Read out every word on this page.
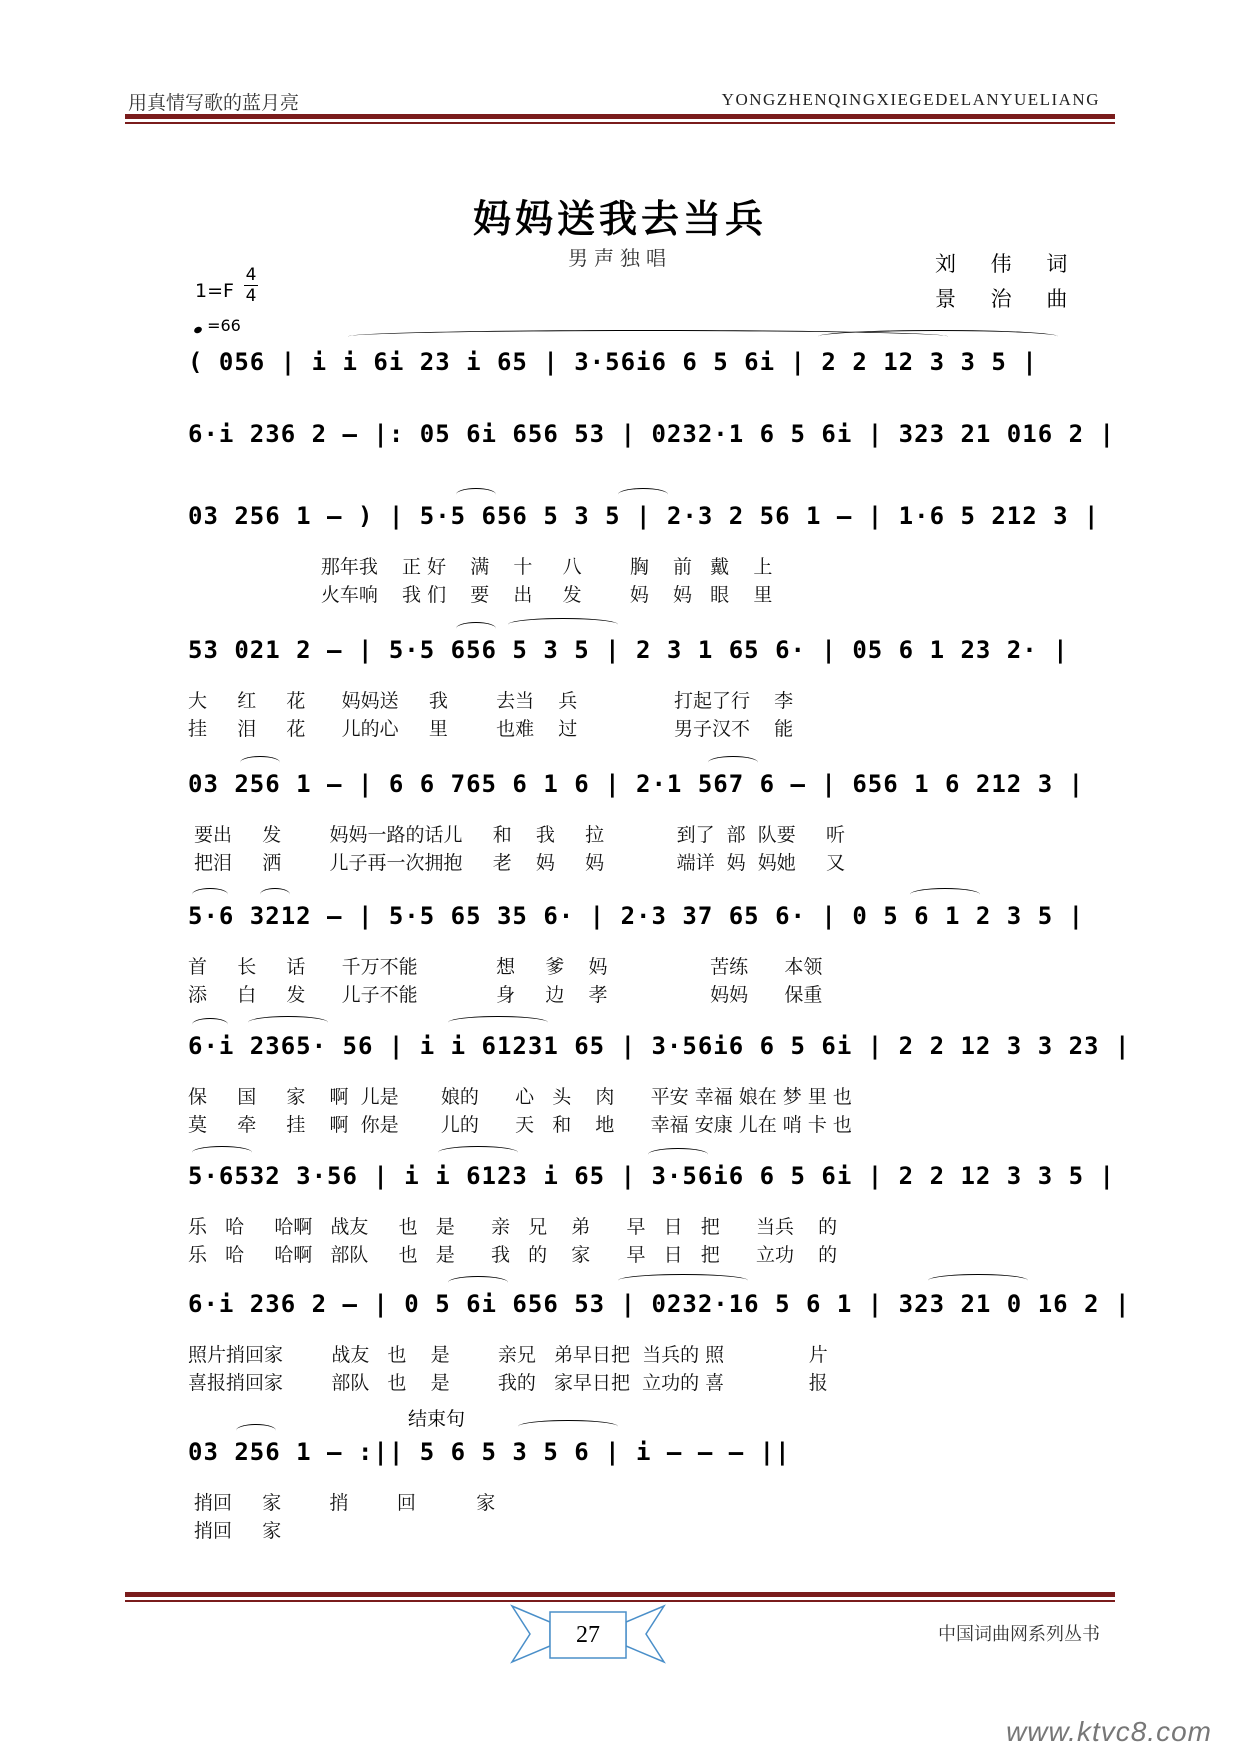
用真情写歌的蓝月亮	YONGZHENQINGXIEGEDELANYUELIANG
妈妈送我去当兵
男声独唱	刘 伟 词
景 治 曲
1=F
4
4
=66
( 056 | i i 6i 23 i 65 | 3·56i6 6 5 6i | 2 2 12 3 3 5 |
6·i 236 2 – |: 05 6i 656 53 | 0232·1 6 5 6i | 323 21 016 2 |
03 256 1 – ) | 5·5 656 5 3 5 | 2·3 2 56 1 – | 1·6 5 212 3 |
那年我    正 好    满    十     八        胸    前   戴    上
火车响    我 们    要    出     发        妈    妈   眼    里
53 021 2 – | 5·5 656 5 3 5 | 2 3 1 65 6· | 05 6 1 23 2· |
大     红     花      妈妈送     我        去当    兵                打起了行    李
挂     泪     花      儿的心     里        也难    过                男子汉不    能
03 256 1 – | 6 6 765 6 1 6 | 2·1 567 6 – | 656 1 6 212 3 |
要出     发        妈妈一路的话儿     和    我     拉            到了  部  队要     听
把泪     洒        儿子再一次拥抱     老    妈     妈            端详  妈  妈她     又
5·6 3212 – | 5·5 65 35 6· | 2·3 37 65 6· | 0 5 6 1 2 3 5 |
首     长     话      千万不能             想     爹    妈                 苦练      本领
添     白     发      儿子不能             身     边    孝                 妈妈      保重
6·i 2365· 56 | i i 61231 65 | 3·56i6 6 5 6i | 2 2 12 3 3 23 |
保     国     家    啊  儿是       娘的      心   头    肉      平安 幸福 娘在 梦 里 也
莫     牵     挂    啊  你是       儿的      天   和    地      幸福 安康 儿在 哨 卡 也
5·6532 3·56 | i i 6123 i 65 | 3·56i6 6 5 6i | 2 2 12 3 3 5 |
乐   哈     哈啊   战友     也   是      亲   兄    弟      早   日   把      当兵    的
乐   哈     哈啊   部队     也   是      我   的    家      早   日   把      立功    的
6·i 236 2 – | 0 5 6i 656 53 | 0232·16 5 6 1 | 323 21 0 16 2 |
照片捎回家        战友   也    是        亲兄   弟早日把  当兵的 照              片
喜报捎回家        部队   也    是        我的   家早日把  立功的 喜              报
结束句
03 256 1 – :|| 5 6 5 3 5 6 | i – – – ||
捎回     家        捎        回          家
捎回     家
27	中国词曲网系列丛书
www.ktvc8.com
